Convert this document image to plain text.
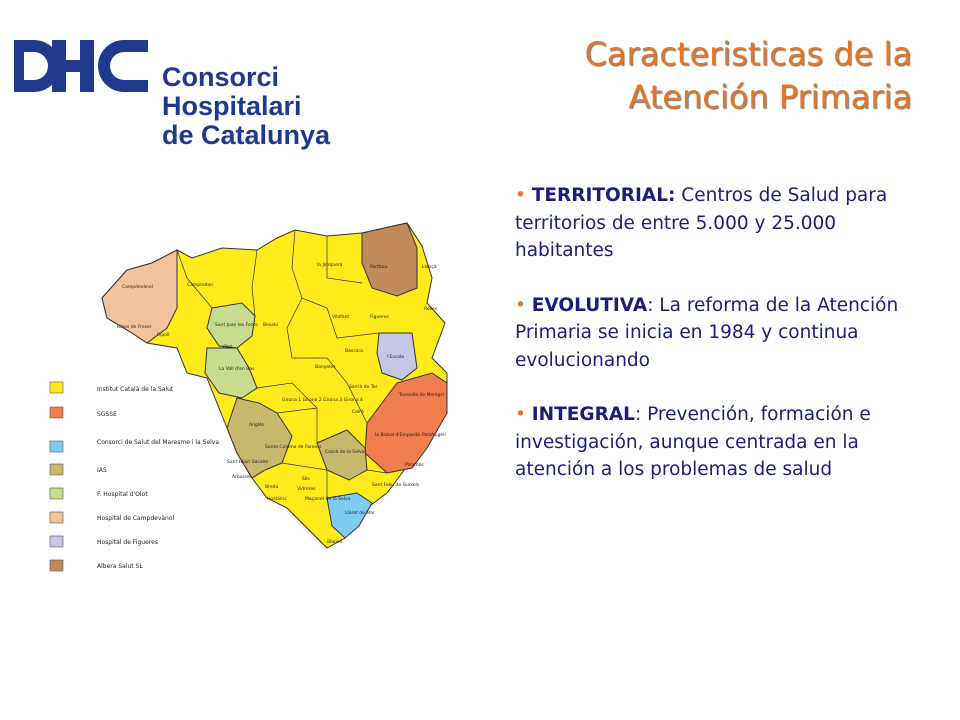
Consorci Hospitalari
de Catalunya
Caracteristicas de la
Atención Primaria
Institut Català de la Salut
SGSSE
Consorci de Salut del Maresme i la Selva
IAS
F. Hospital d'Olot
Hospital de Campdevànol
Hospital de Figueres
Albera Salut SL
Campdevànol	Camprodon
Ribes de Freser
Ripoll
Sant Joan les Fonts Besalú
Olot
La Vall d'en Bas
la Jonquera	Portbou	Llançà
Roses
Vilafant	Figueres
l'Escala
Banyoles
Bàscara
Sarrià de Ter
Torroella de Montgrí
Girona 1 Girona 2 Girona 3 Girona 4
Celrà
la Bisbal d'Empordà Palafrugell
Anglès
Santa Coloma de Farners
Cassà de la Selva
Palamós
Sant Hilari Sacalm
Arbúcies
Breda
Hostalric
Sils
Vidreres
Maçanet de la Selva
Sant Feliu de Guíxols
Lloret de Mar
Blanes
• TERRITORIAL: Centros de Salud para territorios de entre 5.000 y 25.000 habitantes
• EVOLUTIVA: La reforma de la Atención Primaria se inicia en 1984 y continua evolucionando
• INTEGRAL: Prevención, formación e investigación, aunque centrada en la atención a los problemas de salud
